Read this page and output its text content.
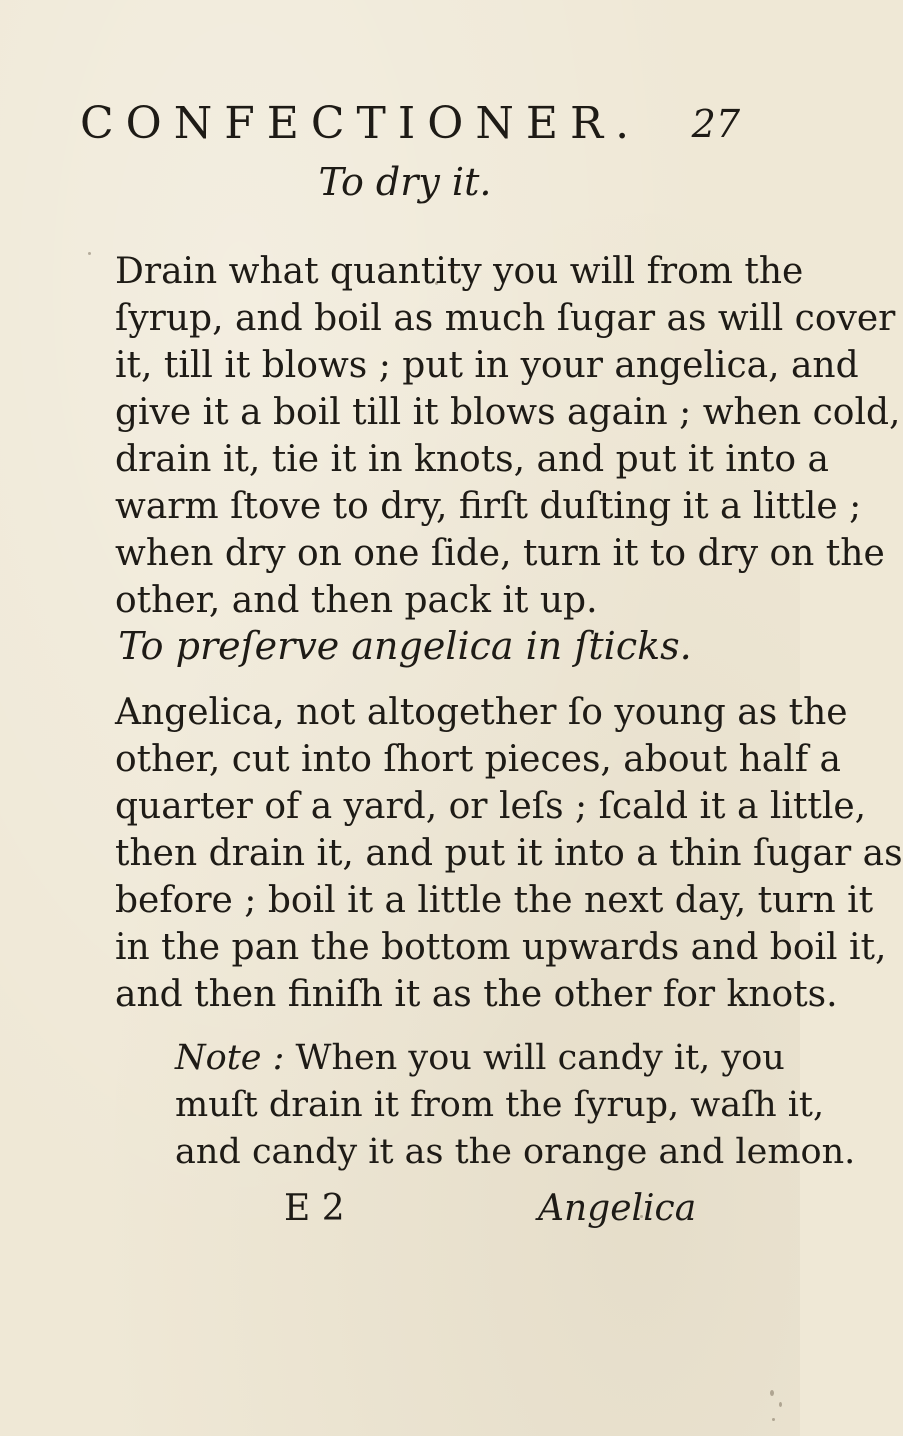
CONFECTIONER. 27
To dry it.
Drain what quantity you will from the
ſyrup, and boil as much ſugar as will cover
it, till it blows ; put in your angelica, and
give it a boil till it blows again ; when cold,
drain it, tie it in knots, and put it into a
warm ſtove to dry, firſt duſting it a little ;
when dry on one ſide, turn it to dry on the
other, and then pack it up.
To preſerve angelica in ſticks.
Angelica, not altogether ſo young as the
other, cut into ſhort pieces, about half a
quarter of a yard, or leſs ; ſcald it a little,
then drain it, and put it into a thin ſugar as
before ; boil it a little the next day, turn it
in the pan the bottom upwards and boil it,
and then finiſh it as the other for knots.
Note : When you will candy it, you
muſt drain it from the ſyrup, waſh it,
and candy it as the orange and lemon.
E 2	Angelica
